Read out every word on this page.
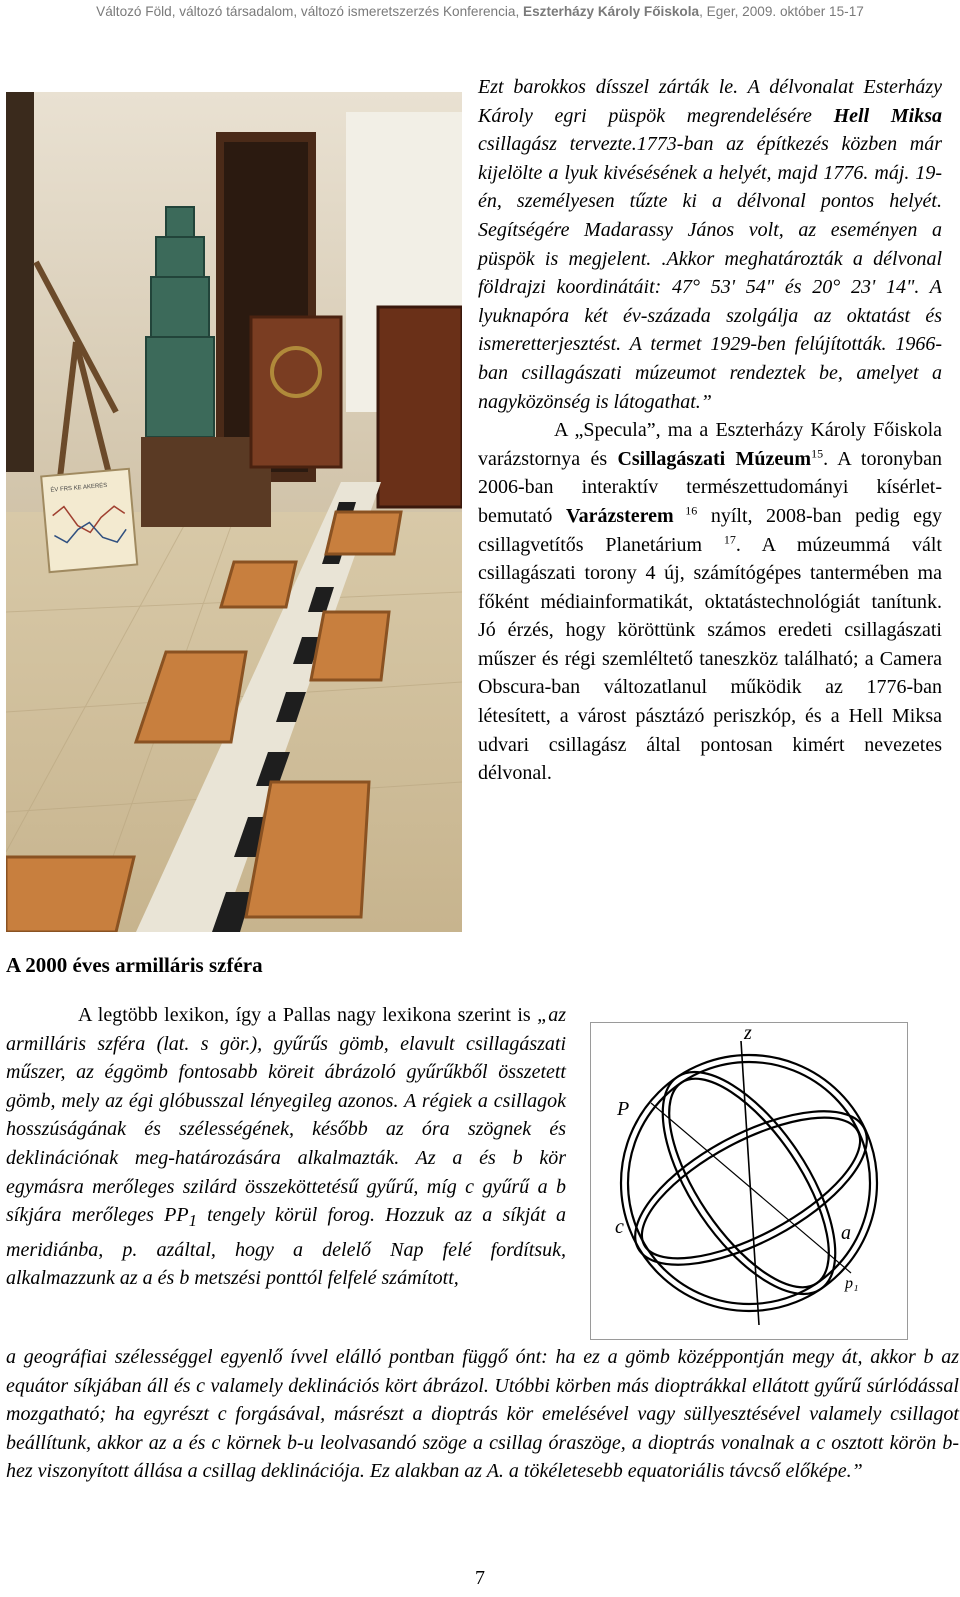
Változó Föld, változó társadalom, változó ismeretszerzés Konferencia, Eszterházy Károly Főiskola, Eger, 2009. október 15-17
ÉV FRS KE AKERÉS
A 2000 éves armilláris szféra

Ezt barokkos dísszel zárták le. A délvonalat Esterházy Károly egri püspök megrendelésére Hell Miksa csillagász tervezte.1773-ban az építkezés közben már kijelölte a lyuk kivésésének a helyét, majd 1776. máj. 19-én, személyesen tűzte ki a délvonal pontos helyét. Segítségére Madarassy János volt, az eseményen a püspök is megjelent. .Akkor meghatározták a délvonal földrajzi koordinátáit: 47° 53' 54" és 20° 23' 14". A lyuknapóra két év-százada szolgálja az oktatást és ismeretterjesztést. A termet 1929-ben felújították. 1966-ban csillagászati múzeumot rendeztek be, amelyet a nagyközönség is látogathat.”

A „Specula”, ma a Eszterházy Károly Főiskola varázstornya és Csillagászati Múzeum$^{15}$. A toronyban 2006-ban interaktív természettudományi kísérlet-bemutató Varázsterem $^{16}$ nyílt, 2008-ban pedig egy csillagvetítős Planetárium $^{17}$. A múzeummá vált csillagászati torony 4 új, számítógépes tantermében ma főként médiainformatikát, oktatástechnológiát tanítunk. Jó érzés, hogy köröttünk számos eredeti csillagászati műszer és régi szemléltető taneszköz található; a Camera Obscura-ban változatlanul működik az 1776-ban létesített, a várost pásztázó periszkóp, és a Hell Miksa udvari csillagász által pontosan kimért nevezetes délvonal.

A legtöbb lexikon, így a Pallas nagy lexikona szerint is „az armilláris szféra (lat. s gör.), gyűrűs gömb, elavult csillagászati műszer, az éggömb fontosabb köreit ábrázoló gyűrűkből összetett gömb, mely az égi glóbusszal lényegileg azonos. A régiek a csillagok hosszúságának és szélességének, később az óra szögnek és deklinációnak meg-határozására alkalmazták. Az a és b kör egymásra merőleges szilárd összeköttetésű gyűrű, míg c gyűrű a b síkjára merőleges $PP_1$ tengely körül forog. Hozzuk az a síkját a meridiánba, p. azáltal, hogy a delelő Nap felé fordítsuk, alkalmazzunk az a és b metszési ponttól felfelé számított,

z
P
c	a
p₁

a geográfiai szélességgel egyenlő ívvel elálló pontban függő ónt: ha ez a gömb középpontján megy át, akkor b az equátor síkjában áll és c valamely deklinációs kört ábrázol. Utóbbi körben más dioptrákkal ellátott gyűrű súrlódással mozgatható; ha egyrészt c forgásával, másrészt a dioptrás kör emelésével vagy süllyesztésével valamely csillagot beállítunk, akkor az a és c körnek b-u leolvasandó szöge a csillag óraszöge, a dioptrás vonalnak a c osztott körön b-hez viszonyított állása a csillag deklinációja. Ez alakban az A. a tökéletesebb equatoriális távcső előképe.”

7
